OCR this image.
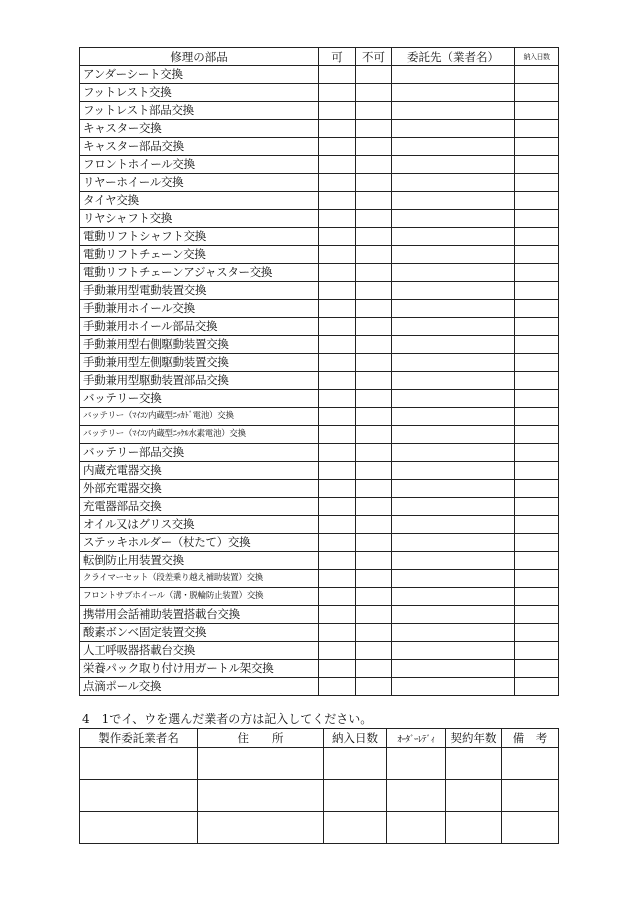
修理の部品	可	不可	委託先（業者名）	納入日数
アンダーシート交換				
フットレスト交換				
フットレスト部品交換				
キャスター交換				
キャスター部品交換				
フロントホイール交換				
リヤーホイール交換				
タイヤ交換				
リヤシャフト交換				
電動リフトシャフト交換				
電動リフトチェーン交換				
電動リフトチェーンアジャスター交換				
手動兼用型電動装置交換				
手動兼用ホイール交換				
手動兼用ホイール部品交換				
手動兼用型右側駆動装置交換				
手動兼用型左側駆動装置交換				
手動兼用型駆動装置部品交換				
バッテリー交換				
バッテリー（ﾏｲｺﾝ内蔵型ﾆｯｶﾄﾞ電池）交換				
バッテリー（ﾏｲｺﾝ内蔵型ﾆｯｹﾙ水素電池）交換				
バッテリー部品交換				
内蔵充電器交換				
外部充電器交換				
充電器部品交換				
オイル又はグリス交換				
ステッキホルダー（杖たて）交換				
転倒防止用装置交換				
クライマーセット（段差乗り越え補助装置）交換				
フロントサブホイール（溝・脱輪防止装置）交換				
携帯用会話補助装置搭載台交換				
酸素ボンベ固定装置交換				
人工呼吸器搭載台交換				
栄養パック取り付け用ガートル架交換				
点滴ポール交換				
4　1でイ、ウを選んだ業者の方は記入してください。
製作委託業者名	住　　所	納入日数	ｵｰﾀﾞｰﾚﾃﾞｨ	契約年数	備　考
